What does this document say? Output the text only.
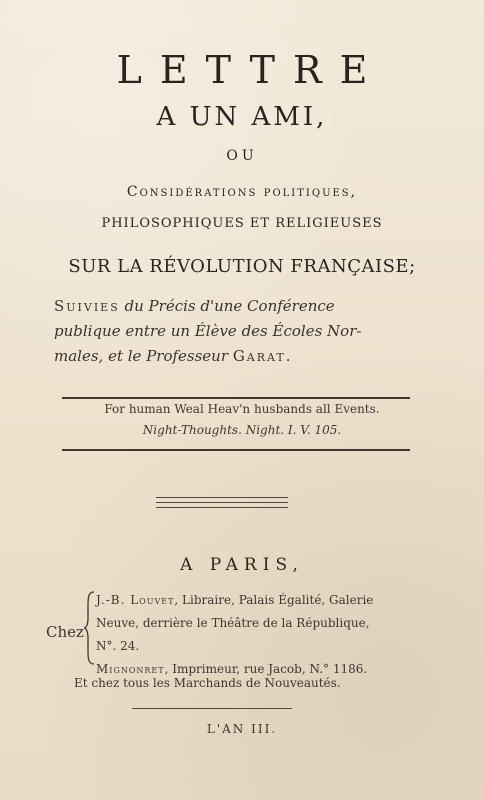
LETTRE
A UN AMI,
OU
Considérations politiques,
PHILOSOPHIQUES ET RELIGIEUSES
SUR LA RÉVOLUTION FRANÇAISE;
Suivies du Précis d'une Conférence
publique entre un Élève des Écoles Nor-
males, et le Professeur Garat.
For human Weal Heav'n husbands all Events.
Night-Thoughts. Night. I. V. 105.
A PARIS,
Chez
J.-B. Louvet, Libraire, Palais Égalité, Galerie
Neuve, derrière le Théâtre de la République,
N°. 24.
Mignonret, Imprimeur, rue Jacob, N.° 1186.
Et chez tous les Marchands de Nouveautés.
L'AN III.
